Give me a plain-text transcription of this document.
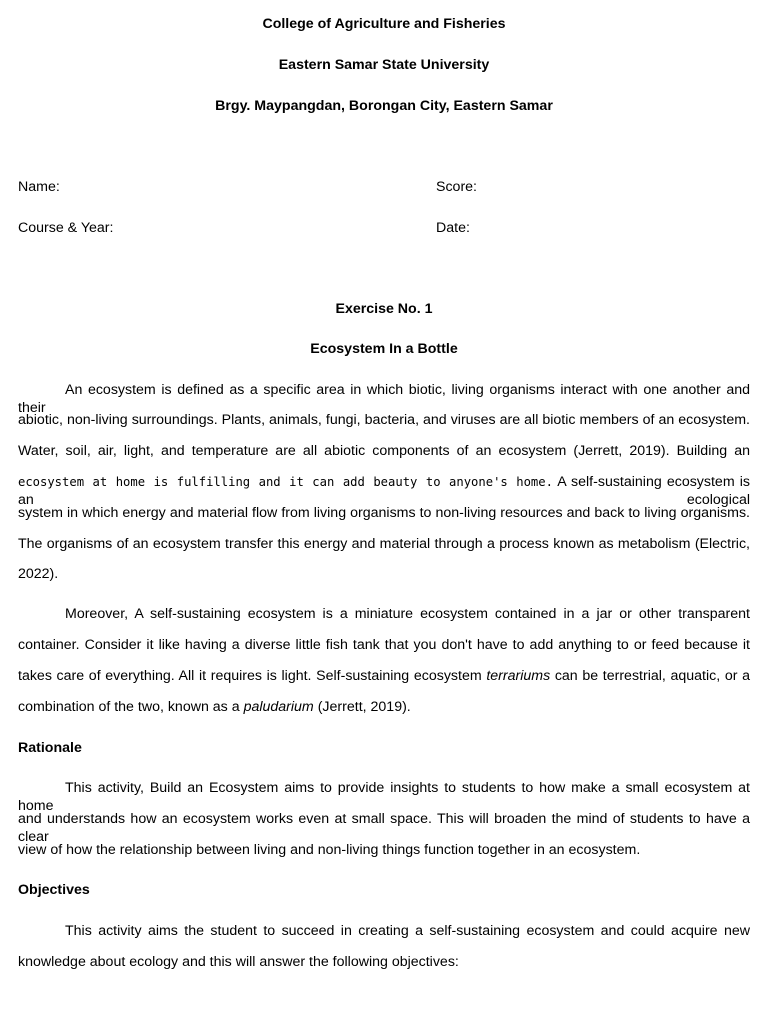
College of Agriculture and Fisheries
Eastern Samar State University
Brgy. Maypangdan, Borongan City, Eastern Samar
Name:	Score:
Course & Year:	Date:
Exercise No. 1
Ecosystem In a Bottle
An ecosystem is defined as a specific area in which biotic, living organisms interact with one another and their
abiotic, non-living surroundings. Plants, animals, fungi, bacteria, and viruses are all biotic members of an ecosystem.
Water, soil, air, light, and temperature are all abiotic components of an ecosystem (Jerrett, 2019). Building an
ecosystem at home is fulfilling and it can add beauty to anyone's home. A self-sustaining ecosystem is an ecological
system in which energy and material flow from living organisms to non-living resources and back to living organisms.
The organisms of an ecosystem transfer this energy and material through a process known as metabolism (Electric,
2022).
Moreover, A self-sustaining ecosystem is a miniature ecosystem contained in a jar or other transparent
container. Consider it like having a diverse little fish tank that you don't have to add anything to or feed because it
takes care of everything. All it requires is light. Self-sustaining ecosystem terrariums can be terrestrial, aquatic, or a
combination of the two, known as a paludarium (Jerrett, 2019).
Rationale
This activity, Build an Ecosystem aims to provide insights to students to how make a small ecosystem at home
and understands how an ecosystem works even at small space. This will broaden the mind of students to have a clear
view of how the relationship between living and non-living things function together in an ecosystem.
Objectives
This activity aims the student to succeed in creating a self-sustaining ecosystem and could acquire new
knowledge about ecology and this will answer the following objectives:
